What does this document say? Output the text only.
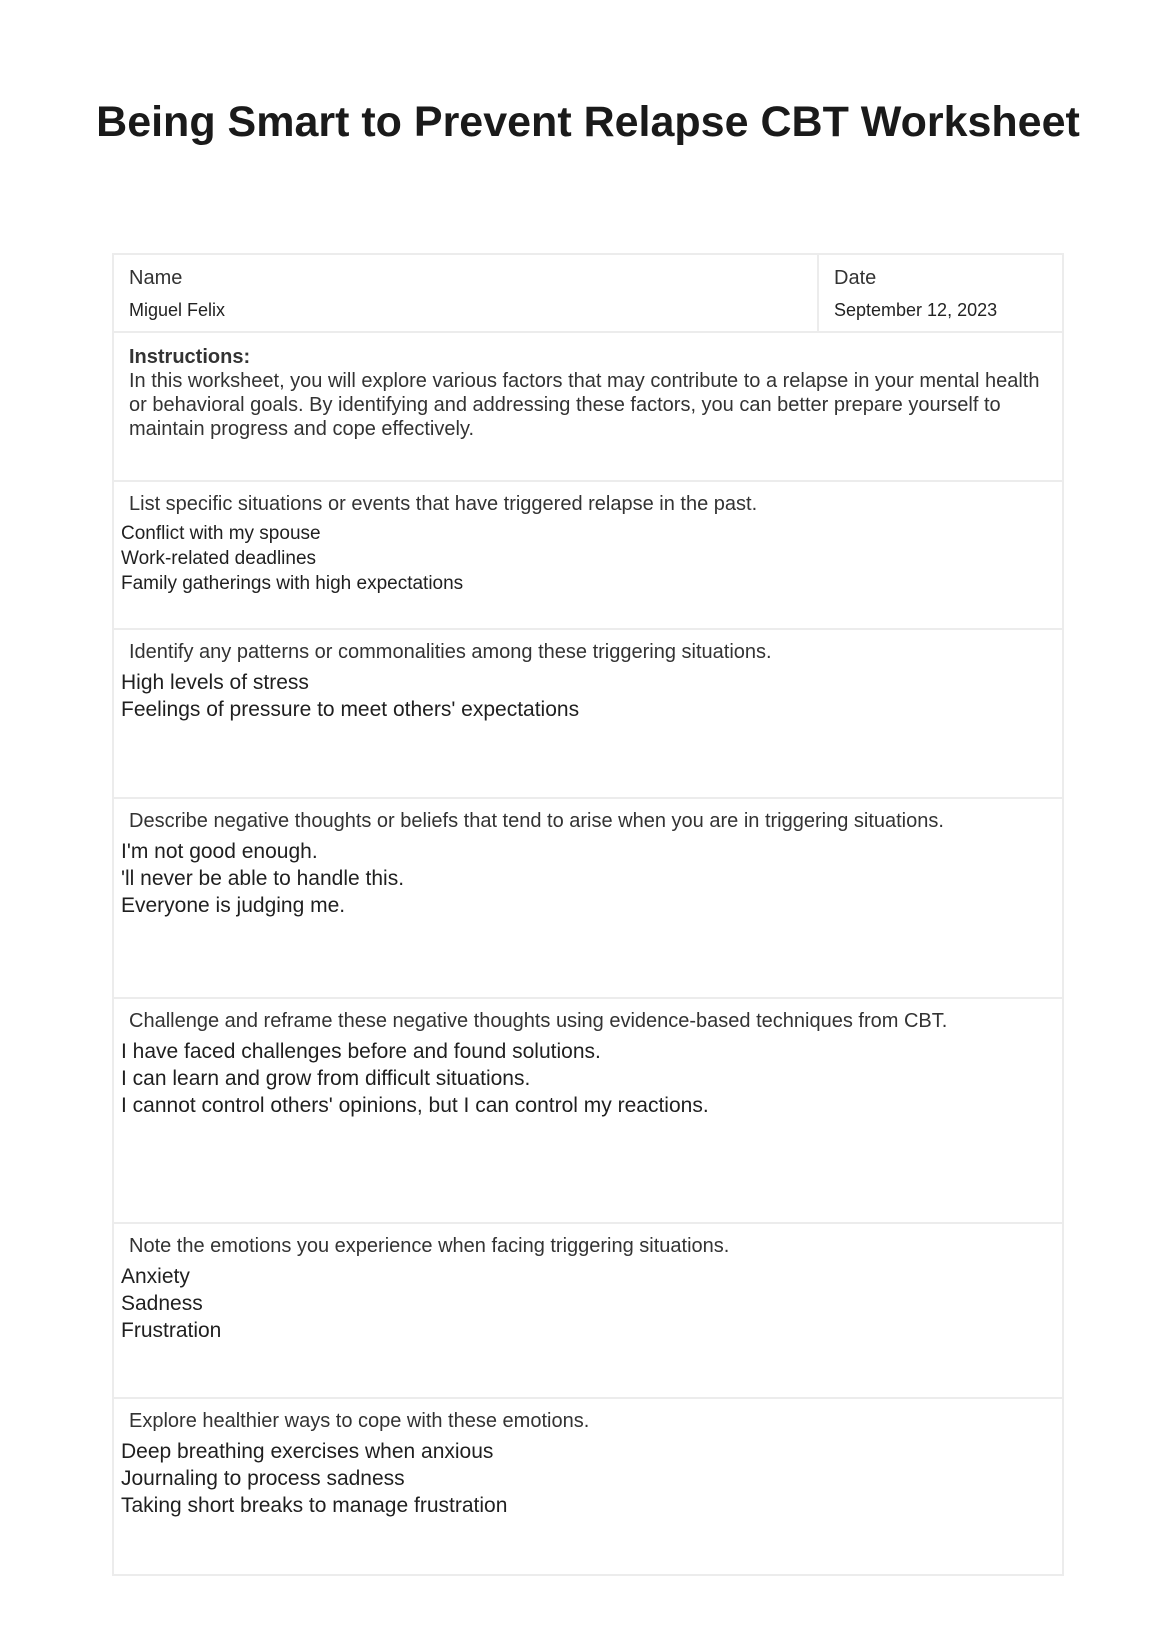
Being Smart to Prevent Relapse CBT Worksheet
Name
Miguel Felix
Date
September 12, 2023
Instructions:
In this worksheet, you will explore various factors that may contribute to a relapse in your mental health or behavioral goals. By identifying and addressing these factors, you can better prepare yourself to maintain progress and cope effectively.
List specific situations or events that have triggered relapse in the past.
Conflict with my spouse
Work-related deadlines
Family gatherings with high expectations
Identify any patterns or commonalities among these triggering situations.
High levels of stress
Feelings of pressure to meet others' expectations
Describe negative thoughts or beliefs that tend to arise when you are in triggering situations.
I'm not good enough.
'll never be able to handle this.
Everyone is judging me.
Challenge and reframe these negative thoughts using evidence-based techniques from CBT.
I have faced challenges before and found solutions.
I can learn and grow from difficult situations.
I cannot control others' opinions, but I can control my reactions.
Note the emotions you experience when facing triggering situations.
Anxiety
Sadness
Frustration
Explore healthier ways to cope with these emotions.
Deep breathing exercises when anxious
Journaling to process sadness
Taking short breaks to manage frustration
